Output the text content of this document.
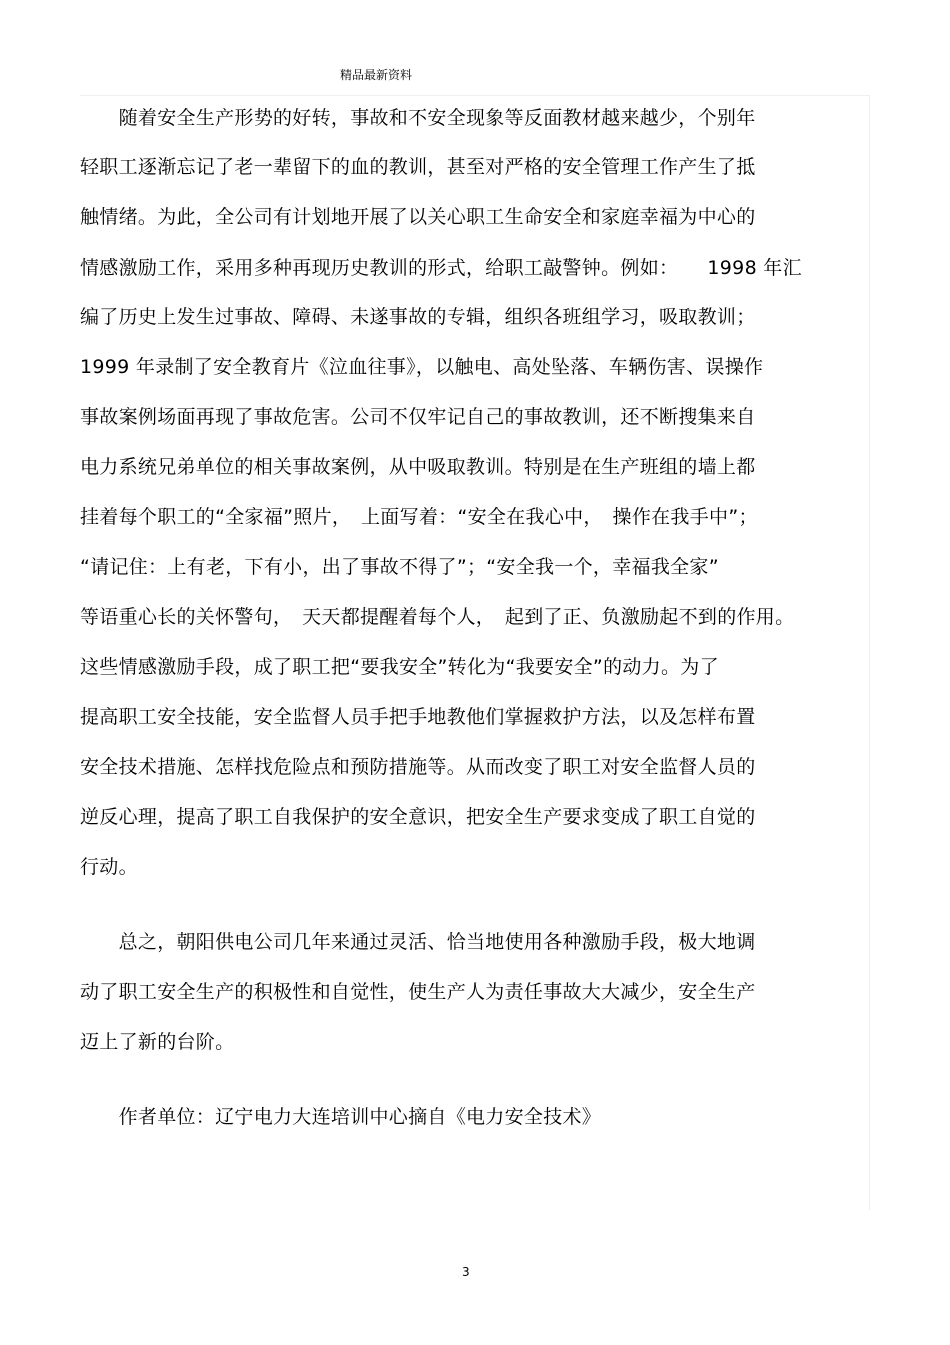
精品最新资料
　　随着安全生产形势的好转，事故和不安全现象等反面教材越来越少，个别年
轻职工逐渐忘记了老一辈留下的血的教训，甚至对严格的安全管理工作产生了抵
触情绪。为此，全公司有计划地开展了以关心职工生命安全和家庭幸福为中心的
情感激励工作，采用多种再现历史教训的形式，给职工敲警钟。例如：　　1998 年汇
编了历史上发生过事故、障碍、未遂事故的专辑，组织各班组学习，吸取教训；
1999 年录制了安全教育片《泣血往事》，以触电、高处坠落、车辆伤害、误操作
事故案例场面再现了事故危害。公司不仅牢记自己的事故教训，还不断搜集来自
电力系统兄弟单位的相关事故案例，从中吸取教训。特别是在生产班组的墙上都
挂着每个职工的“全家福”照片，　上面写着：“安全在我心中，　操作在我手中”；
“请记住：上有老，下有小，出了事故不得了”；“安全我一个，幸福我全家”
等语重心长的关怀警句，　天天都提醒着每个人，　起到了正、负激励起不到的作用。
这些情感激励手段，成了职工把“要我安全”转化为“我要安全”的动力。为了
提高职工安全技能，安全监督人员手把手地教他们掌握救护方法，以及怎样布置
安全技术措施、怎样找危险点和预防措施等。从而改变了职工对安全监督人员的
逆反心理，提高了职工自我保护的安全意识，把安全生产要求变成了职工自觉的
行动。
　　总之，朝阳供电公司几年来通过灵活、恰当地使用各种激励手段，极大地调
动了职工安全生产的积极性和自觉性，使生产人为责任事故大大减少，安全生产
迈上了新的台阶。
　　作者单位：辽宁电力大连培训中心摘自《电力安全技术》
3
